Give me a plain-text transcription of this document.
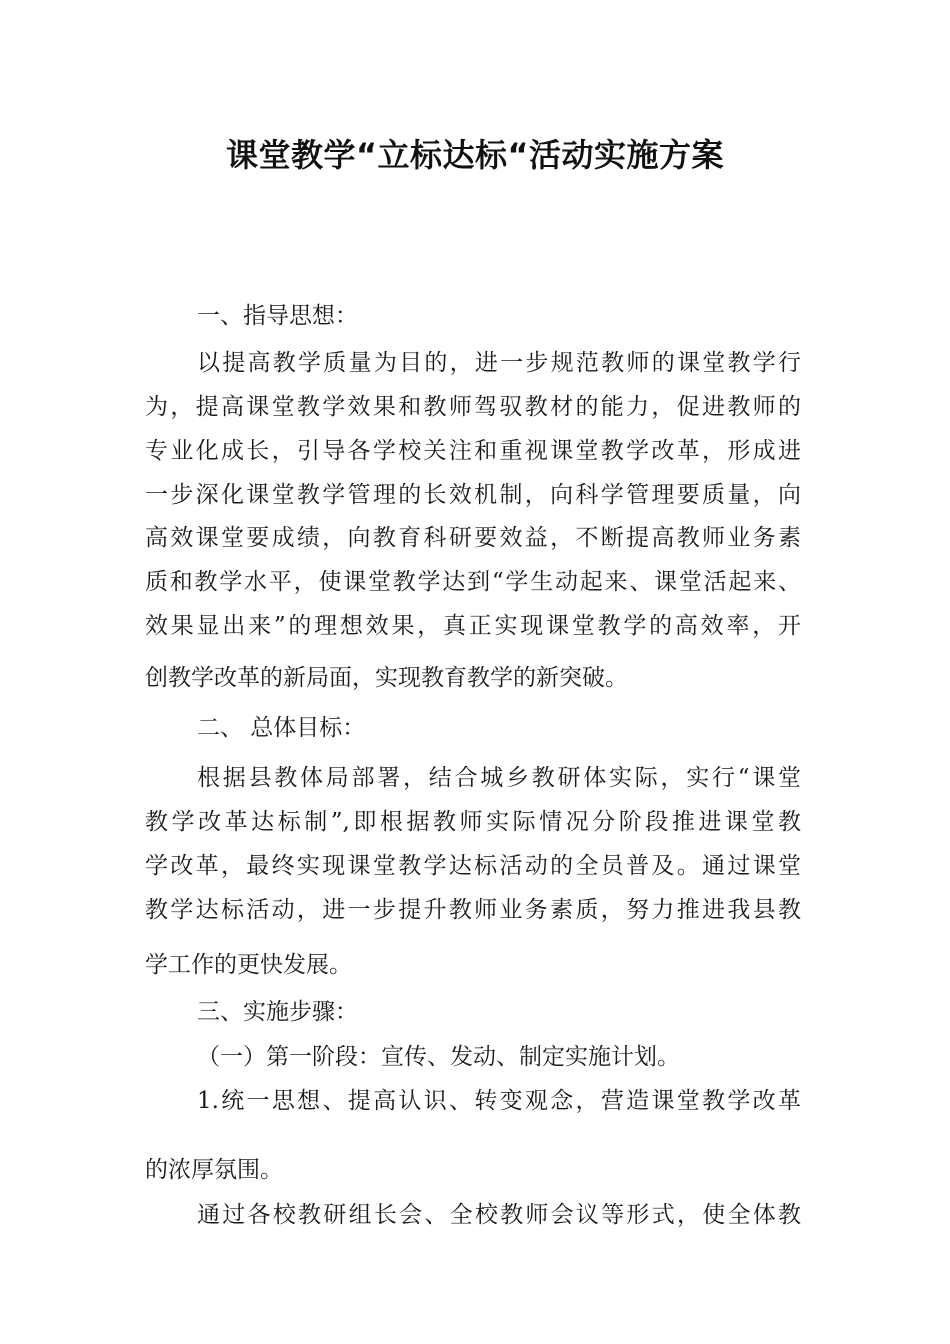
课堂教学“立标达标“活动实施方案
一、指导思想：
以提高教学质量为目的，进一步规范教师的课堂教学行
为，提高课堂教学效果和教师驾驭教材的能力，促进教师的
专业化成长，引导各学校关注和重视课堂教学改革，形成进
一步深化课堂教学管理的长效机制，向科学管理要质量，向
高效课堂要成绩，向教育科研要效益，不断提高教师业务素
质和教学水平，使课堂教学达到“学生动起来、课堂活起来、
效果显出来”的理想效果，真正实现课堂教学的高效率，开
创教学改革的新局面，实现教育教学的新突破。
二、 总体目标：
根据县教体局部署，结合城乡教研体实际，实行“课堂
教学改革达标制”,即根据教师实际情况分阶段推进课堂教
学改革，最终实现课堂教学达标活动的全员普及。通过课堂
教学达标活动，进一步提升教师业务素质，努力推进我县教
学工作的更快发展。
三、实施步骤：
（一）第一阶段：宣传、发动、制定实施计划。
1.统一思想、提高认识、转变观念，营造课堂教学改革
的浓厚氛围。
通过各校教研组长会、全校教师会议等形式，使全体教
